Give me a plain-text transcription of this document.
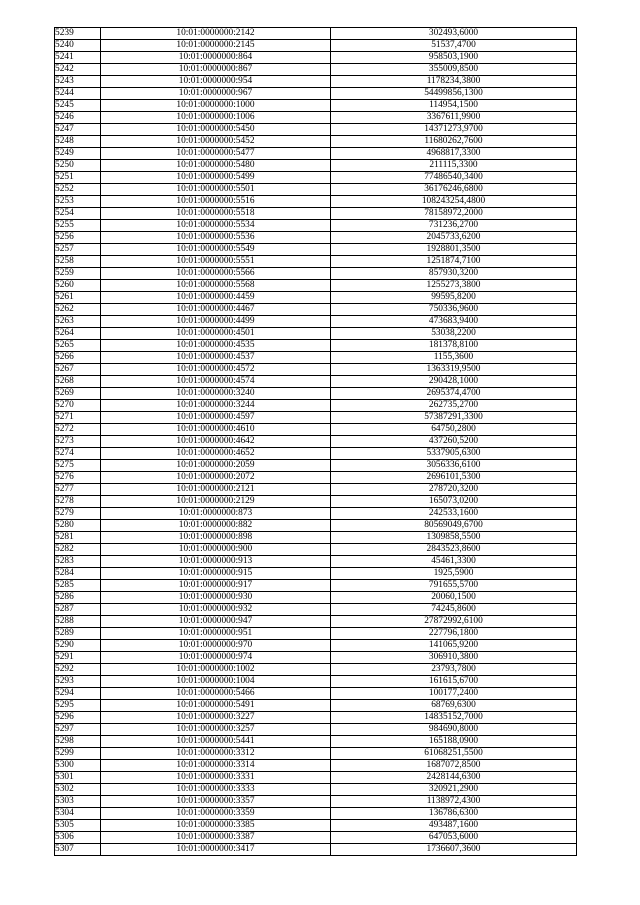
5239	10:01:0000000:2142	302493,6000
5240	10:01:0000000:2145	51537,4700
5241	10:01:0000000:864	958503,1900
5242	10:01:0000000:867	355009,8500
5243	10:01:0000000:954	1178234,3800
5244	10:01:0000000:967	54499856,1300
5245	10:01:0000000:1000	114954,1500
5246	10:01:0000000:1006	3367611,9900
5247	10:01:0000000:5450	14371273,9700
5248	10:01:0000000:5452	11680262,7600
5249	10:01:0000000:5477	4968817,3300
5250	10:01:0000000:5480	211115,3300
5251	10:01:0000000:5499	77486540,3400
5252	10:01:0000000:5501	36176246,6800
5253	10:01:0000000:5516	108243254,4800
5254	10:01:0000000:5518	78158972,2000
5255	10:01:0000000:5534	731236,2700
5256	10:01:0000000:5536	2045733,6200
5257	10:01:0000000:5549	1928801,3500
5258	10:01:0000000:5551	1251874,7100
5259	10:01:0000000:5566	857930,3200
5260	10:01:0000000:5568	1255273,3800
5261	10:01:0000000:4459	99595,8200
5262	10:01:0000000:4467	750336,9600
5263	10:01:0000000:4499	473683,9400
5264	10:01:0000000:4501	53038,2200
5265	10:01:0000000:4535	181378,8100
5266	10:01:0000000:4537	1155,3600
5267	10:01:0000000:4572	1363319,9500
5268	10:01:0000000:4574	290428,1000
5269	10:01:0000000:3240	2695374,4700
5270	10:01:0000000:3244	262735,2700
5271	10:01:0000000:4597	57387291,3300
5272	10:01:0000000:4610	64750,2800
5273	10:01:0000000:4642	437260,5200
5274	10:01:0000000:4652	5337905,6300
5275	10:01:0000000:2059	3056336,6100
5276	10:01:0000000:2072	2696101,5300
5277	10:01:0000000:2121	278720,3200
5278	10:01:0000000:2129	165073,0200
5279	10:01:0000000:873	242533,1600
5280	10:01:0000000:882	80569049,6700
5281	10:01:0000000:898	1309858,5500
5282	10:01:0000000:900	2843523,8600
5283	10:01:0000000:913	45461,3300
5284	10:01:0000000:915	1925,5900
5285	10:01:0000000:917	791655,5700
5286	10:01:0000000:930	20060,1500
5287	10:01:0000000:932	74245,8600
5288	10:01:0000000:947	27872992,6100
5289	10:01:0000000:951	227796,1800
5290	10:01:0000000:970	141065,9200
5291	10:01:0000000:974	306910,3800
5292	10:01:0000000:1002	23793,7800
5293	10:01:0000000:1004	161615,6700
5294	10:01:0000000:5466	100177,2400
5295	10:01:0000000:5491	68769,6300
5296	10:01:0000000:3227	14835152,7000
5297	10:01:0000000:3257	984690,8000
5298	10:01:0000000:5441	165188,0900
5299	10:01:0000000:3312	61068251,5500
5300	10:01:0000000:3314	1687072,8500
5301	10:01:0000000:3331	2428144,6300
5302	10:01:0000000:3333	320921,2900
5303	10:01:0000000:3357	1138972,4300
5304	10:01:0000000:3359	136786,6300
5305	10:01:0000000:3385	493487,1600
5306	10:01:0000000:3387	647053,6000
5307	10:01:0000000:3417	1736607,3600
